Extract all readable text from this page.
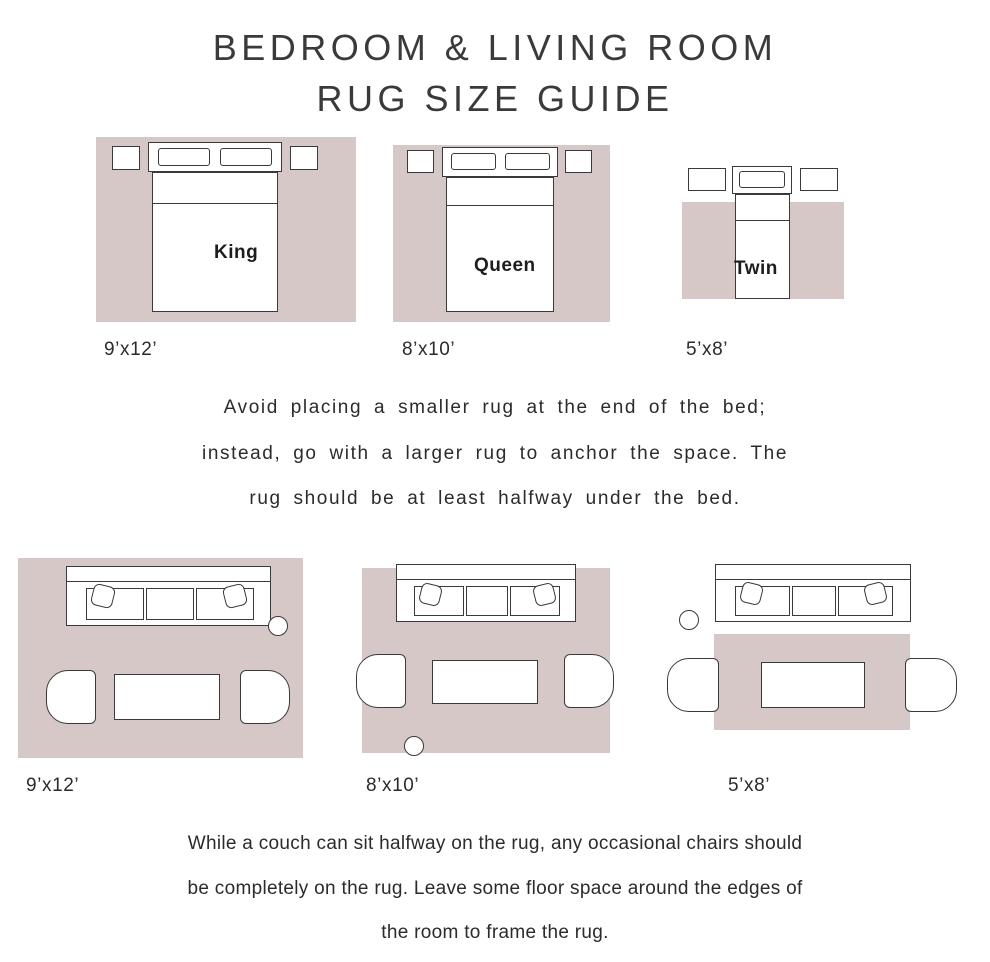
BEDROOM & LIVING ROOM
RUG SIZE GUIDE
King
9’x12’
Queen
8’x10’
Twin
5’x8’

Avoid placing a smaller rug at the end of the bed;

instead, go with a larger rug to anchor the space. The

rug should be at least halfway under the bed.

9’x12’	8’x10’	5’x8’

While a couch can sit halfway on the rug, any occasional chairs should

be completely on the rug. Leave some floor space around the edges of

the room to frame the rug.
